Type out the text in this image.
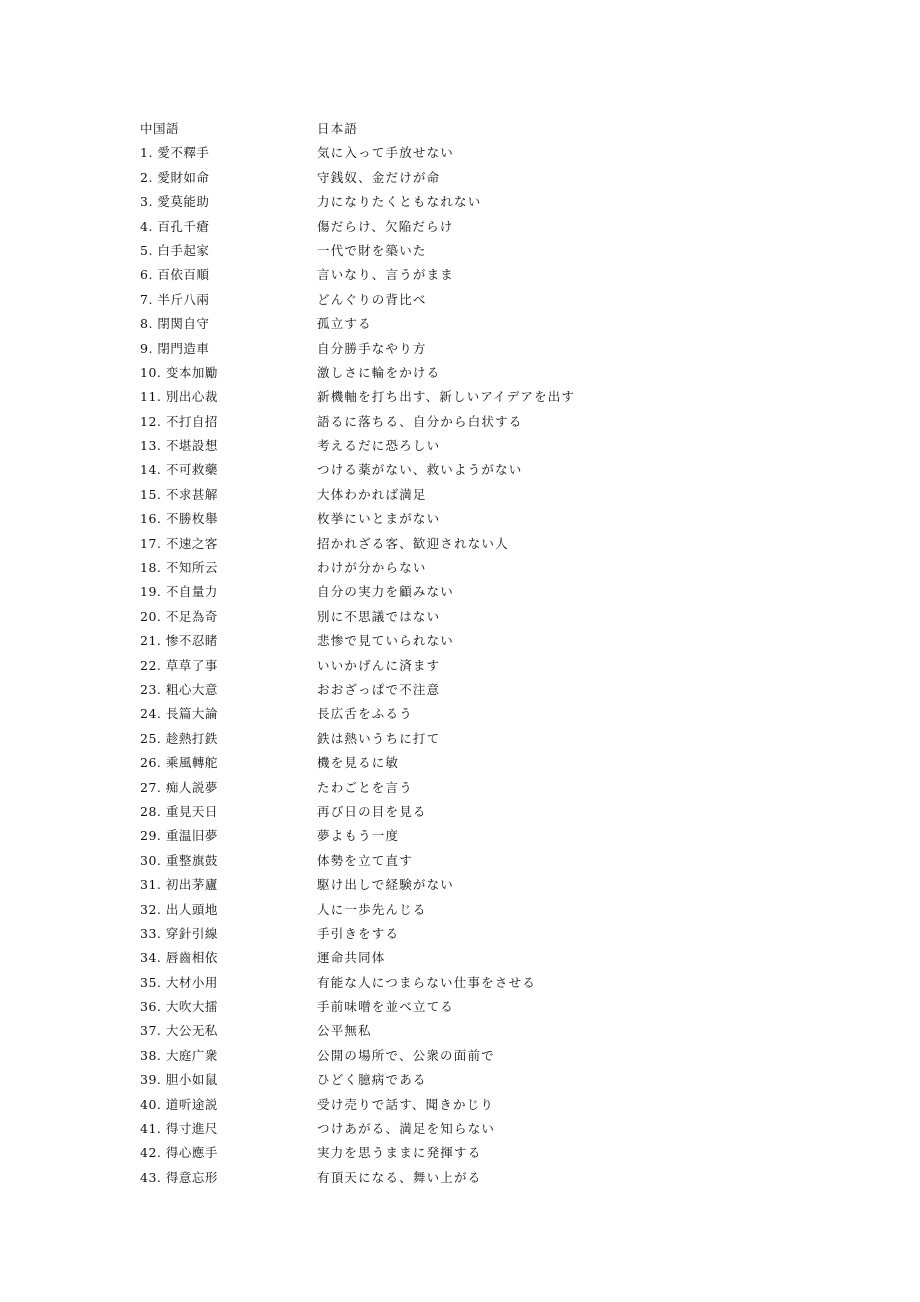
中国語	日本語
1. 愛不釋手	気に入って手放せない
2. 愛財如命	守銭奴、金だけが命
3. 愛莫能助	力になりたくともなれない
4. 百孔千瘡	傷だらけ、欠陥だらけ
5. 白手起家	一代で財を築いた
6. 百依百順	言いなり、言うがまま
7. 半斤八兩	どんぐりの背比べ
8. 閉関自守	孤立する
9. 閉門造車	自分勝手なやり方
10. 变本加勵	激しさに輪をかける
11. 別出心裁	新機軸を打ち出す、新しいアイデアを出す
12. 不打自招	語るに落ちる、自分から白状する
13. 不堪設想	考えるだに恐ろしい
14. 不可救藥	つける薬がない、救いようがない
15. 不求甚解	大体わかれば満足
16. 不勝枚舉	枚挙にいとまがない
17. 不速之客	招かれざる客、歓迎されない人
18. 不知所云	わけが分からない
19. 不自量力	自分の実力を顧みない
20. 不足為奇	別に不思議ではない
21. 惨不忍睹	悲惨で見ていられない
22. 草草了事	いいかげんに済ます
23. 粗心大意	おおざっぱで不注意
24. 長篇大論	長広舌をふるう
25. 趁熱打鉄	鉄は熱いうちに打て
26. 乘風轉舵	機を見るに敏
27. 痴人説夢	たわごとを言う
28. 重見天日	再び日の目を見る
29. 重温旧夢	夢よもう一度
30. 重整旗鼓	体勢を立て直す
31. 初出茅廬	駆け出しで経験がない
32. 出人頭地	人に一歩先んじる
33. 穿針引線	手引きをする
34. 唇齒相依	運命共同体
35. 大材小用	有能な人につまらない仕事をさせる
36. 大吹大擂	手前味噌を並べ立てる
37. 大公无私	公平無私
38. 大庭广衆	公開の場所で、公衆の面前で
39. 胆小如鼠	ひどく臆病である
40. 道听途説	受け売りで話す、聞きかじり
41. 得寸進尺	つけあがる、満足を知らない
42. 得心應手	実力を思うままに発揮する
43. 得意忘形	有頂天になる、舞い上がる
